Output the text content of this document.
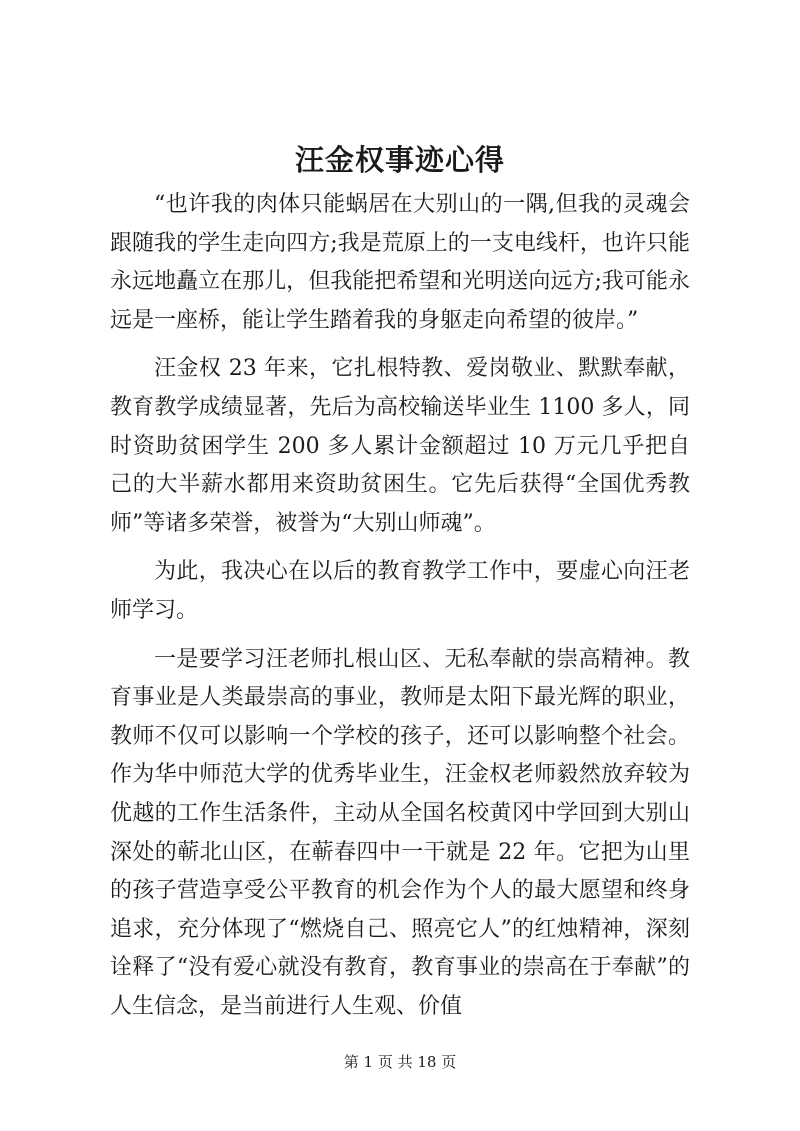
汪金权事迹心得

“也许我的肉体只能蜗居在大别山的一隅,但我的灵魂会跟随我的学生走向四方;我是荒原上的一支电线杆，也许只能永远地矗立在那儿，但我能把希望和光明送向远方;我可能永远是一座桥，能让学生踏着我的身躯走向希望的彼岸。”

汪金权 23 年来，它扎根特教、爱岗敬业、默默奉献，教育教学成绩显著，先后为高校输送毕业生 1100 多人，同时资助贫困学生 200 多人累计金额超过 10 万元几乎把自己的大半薪水都用来资助贫困生。它先后获得“全国优秀教师”等诸多荣誉，被誉为“大别山师魂”。

为此，我决心在以后的教育教学工作中，要虚心向汪老师学习。

一是要学习汪老师扎根山区、无私奉献的崇高精神。教育事业是人类最崇高的事业，教师是太阳下最光辉的职业，教师不仅可以影响一个学校的孩子，还可以影响整个社会。作为华中师范大学的优秀毕业生，汪金权老师毅然放弃较为优越的工作生活条件，主动从全国名校黄冈中学回到大别山深处的蕲北山区，在蕲春四中一干就是 22 年。它把为山里的孩子营造享受公平教育的机会作为个人的最大愿望和终身追求，充分体现了“燃烧自己、照亮它人”的红烛精神，深刻诠释了“没有爱心就没有教育，教育事业的崇高在于奉献”的人生信念，是当前进行人生观、价值

第 1 页 共 18 页
